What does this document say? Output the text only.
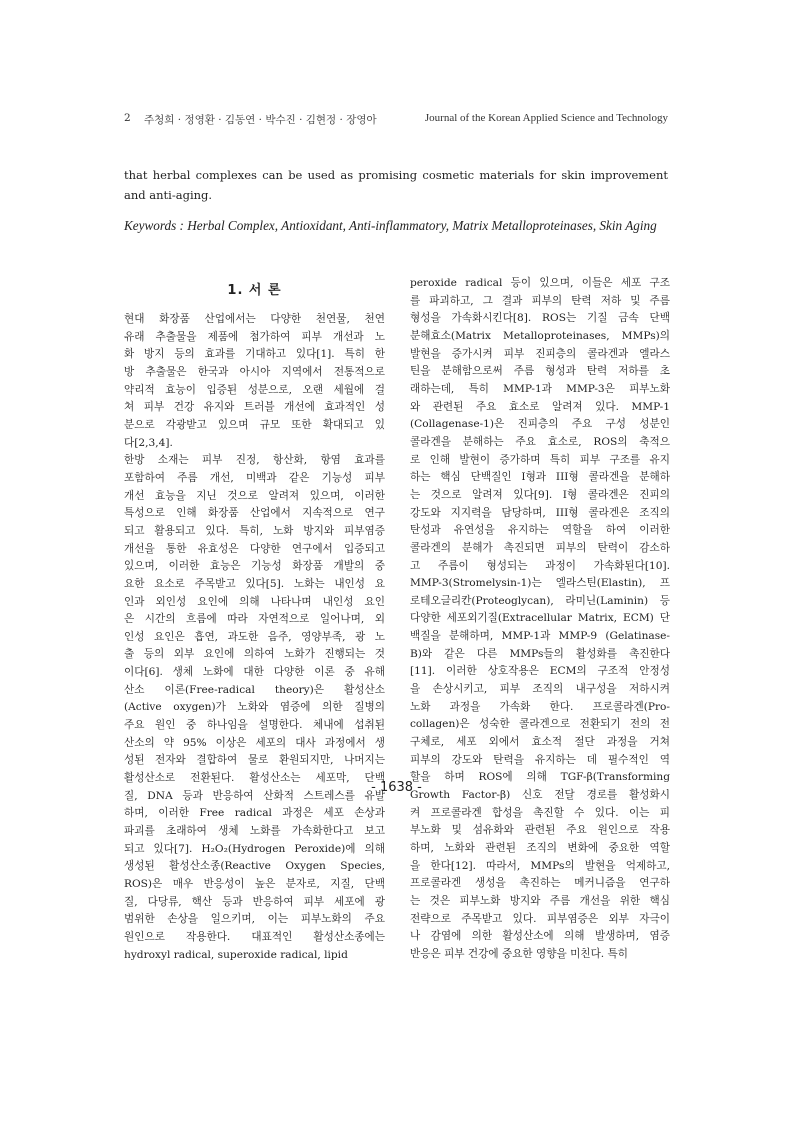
2 주청희 · 정영환 · 김동연 · 박수진 · 김현정 · 장영아	Journal of the Korean Applied Science and Technology
that herbal complexes can be used as promising cosmetic materials for skin improvement and anti-aging.
Keywords : Herbal Complex, Antioxidant, Anti-inflammatory, Matrix Metalloproteinases, Skin Aging
1. 서 론

현대 화장품 산업에서는 다양한 천연물, 천연

유래 추출물을 제품에 첨가하여 피부 개선과 노

화 방지 등의 효과를 기대하고 있다[1]. 특히 한

방 추출물은 한국과 아시아 지역에서 전통적으로

약리적 효능이 입증된 성분으로, 오랜 세월에 걸

쳐 피부 건강 유지와 트러블 개선에 효과적인 성

분으로 각광받고 있으며 규모 또한 확대되고 있

다[2,3,4].

한방 소재는 피부 진정, 항산화, 항염 효과를

포함하여 주름 개선, 미백과 같은 기능성 피부

개선 효능을 지닌 것으로 알려져 있으며, 이러한

특성으로 인해 화장품 산업에서 지속적으로 연구

되고 활용되고 있다. 특히, 노화 방지와 피부염증

개선을 통한 유효성은 다양한 연구에서 입증되고

있으며, 이러한 효능은 기능성 화장품 개발의 중

요한 요소로 주목받고 있다[5]. 노화는 내인성 요

인과 외인성 요인에 의해 나타나며 내인성 요인

은 시간의 흐름에 따라 자연적으로 일어나며, 외

인성 요인은 흡연, 과도한 음주, 영양부족, 광 노

출 등의 외부 요인에 의하여 노화가 진행되는 것

이다[6]. 생체 노화에 대한 다양한 이론 중 유해

산소 이론(Free-radical theory)은 활성산소

(Active oxygen)가 노화와 염증에 의한 질병의

주요 원인 중 하나임을 설명한다. 체내에 섭취된

산소의 약 95% 이상은 세포의 대사 과정에서 생

성된 전자와 결합하여 물로 환원되지만, 나머지는

활성산소로 전환된다. 활성산소는 세포막, 단백

질, DNA 등과 반응하여 산화적 스트레스를 유발

하며, 이러한 Free radical 과정은 세포 손상과

파괴를 초래하여 생체 노화를 가속화한다고 보고

되고 있다[7]. H₂O₂(Hydrogen Peroxide)에 의해

생성된 활성산소종(Reactive Oxygen Species,

ROS)은 매우 반응성이 높은 분자로, 지질, 단백

질, 다당류, 핵산 등과 반응하여 피부 세포에 광

범위한 손상을 일으키며, 이는 피부노화의 주요

원인으로 작용한다. 대표적인 활성산소종에는

hydroxyl radical, superoxide radical, lipid

peroxide radical 등이 있으며, 이들은 세포 구조

를 파괴하고, 그 결과 피부의 탄력 저하 및 주름

형성을 가속화시킨다[8]. ROS는 기질 금속 단백

분해효소(Matrix Metalloproteinases, MMPs)의

발현을 증가시켜 피부 진피층의 콜라겐과 엘라스

틴을 분해함으로써 주름 형성과 탄력 저하를 초

래하는데, 특히 MMP-1과 MMP-3은 피부노화

와 관련된 주요 효소로 알려져 있다. MMP-1

(Collagenase-1)은 진피층의 주요 구성 성분인

콜라겐을 분해하는 주요 효소로, ROS의 축적으

로 인해 발현이 증가하며 특히 피부 구조를 유지

하는 핵심 단백질인 I형과 III형 콜라겐을 분해하

는 것으로 알려져 있다[9]. I형 콜라겐은 진피의

강도와 지지력을 담당하며, III형 콜라겐은 조직의

탄성과 유연성을 유지하는 역할을 하여 이러한

콜라겐의 분해가 촉진되면 피부의 탄력이 감소하

고 주름이 형성되는 과정이 가속화된다[10].

MMP-3(Stromelysin-1)는 엘라스틴(Elastin), 프

로테오글리칸(Proteoglycan), 라미닌(Laminin) 등

다양한 세포외기질(Extracellular Matrix, ECM) 단

백질을 분해하며, MMP-1과 MMP-9 (Gelatinase-

B)와 같은 다른 MMPs들의 활성화를 촉진한다

[11]. 이러한 상호작용은 ECM의 구조적 안정성

을 손상시키고, 피부 조직의 내구성을 저하시켜

노화 과정을 가속화 한다. 프로콜라겐(Pro-

collagen)은 성숙한 콜라겐으로 전환되기 전의 전

구체로, 세포 외에서 효소적 절단 과정을 거쳐

피부의 강도와 탄력을 유지하는 데 필수적인 역

할을 하며 ROS에 의해 TGF-β(Transforming

Growth Factor-β) 신호 전달 경로를 활성화시

켜 프로콜라겐 합성을 촉진할 수 있다. 이는 피

부노화 및 섬유화와 관련된 주요 원인으로 작용

하며, 노화와 관련된 조직의 변화에 중요한 역할

을 한다[12]. 따라서, MMPs의 발현을 억제하고,

프로콜라겐 생성을 촉진하는 메커니즘을 연구하

는 것은 피부노화 방지와 주름 개선을 위한 핵심

전략으로 주목받고 있다. 피부염증은 외부 자극이

나 감염에 의한 활성산소에 의해 발생하며, 염증

반응은 피부 건강에 중요한 영향을 미친다. 특히

- 1638 -
